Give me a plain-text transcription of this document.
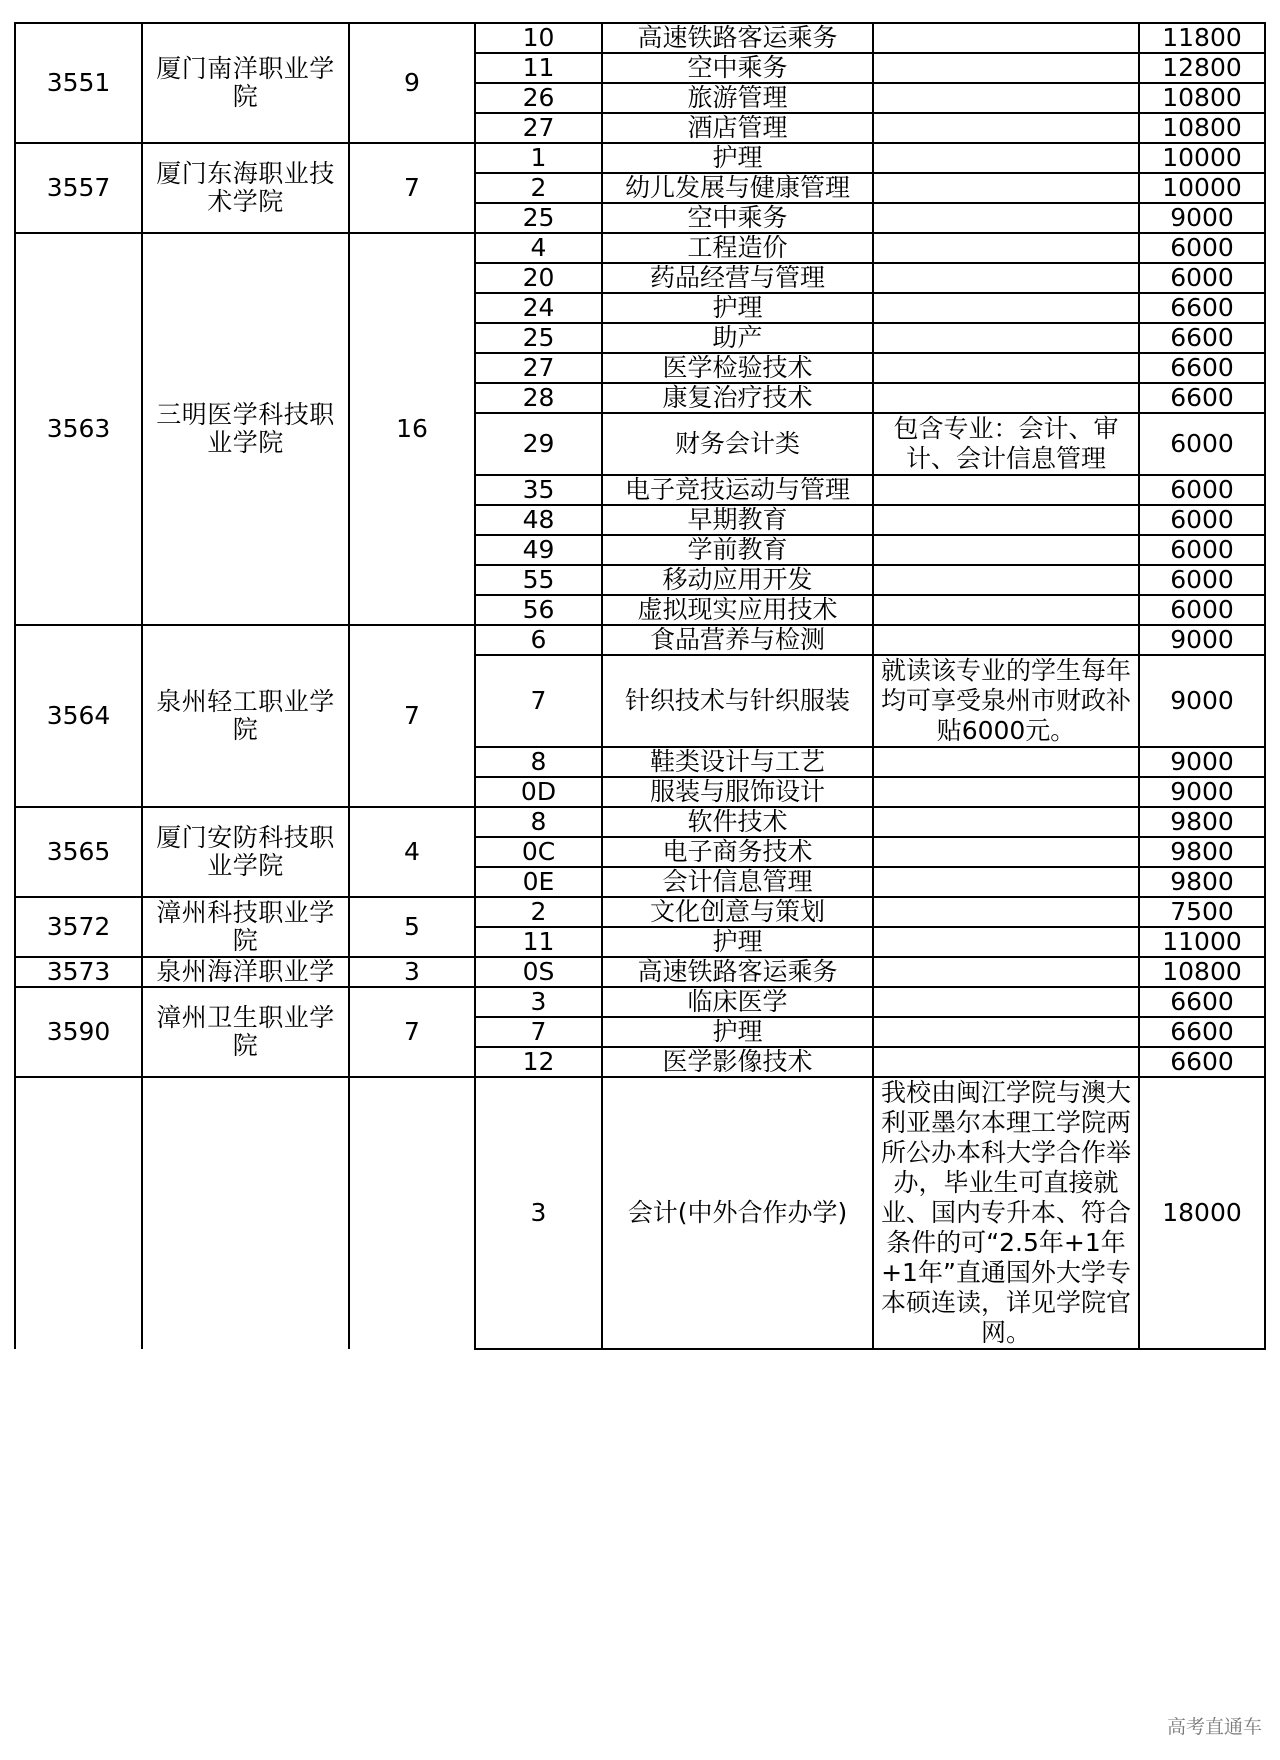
3551	厦门南洋职业学院	9	10	高速铁路客运乘务		11800
			11	空中乘务		12800
			26	旅游管理		10800
			27	酒店管理		10800
3557	厦门东海职业技术学院	7	1	护理		10000
			2	幼儿发展与健康管理		10000
			25	空中乘务		9000
3563	三明医学科技职业学院	16	4	工程造价		6000
			20	药品经营与管理		6000
			24	护理		6600
			25	助产		6600
			27	医学检验技术		6600
			28	康复治疗技术		6600
			29	财务会计类	包含专业：会计、审计、会计信息管理	6000
			35	电子竞技运动与管理		6000
			48	早期教育		6000
			49	学前教育		6000
			55	移动应用开发		6000
			56	虚拟现实应用技术		6000
3564	泉州轻工职业学院	7	6	食品营养与检测		9000
			7	针织技术与针织服装	就读该专业的学生每年均可享受泉州市财政补贴6000元。	9000
			8	鞋类设计与工艺		9000
			0D	服装与服饰设计		9000
3565	厦门安防科技职业学院	4	8	软件技术		9800
			0C	电子商务技术		9800
			0E	会计信息管理		9800
3572	漳州科技职业学院	5	2	文化创意与策划		7500
			11	护理		11000
3573	泉州海洋职业学	3	0S	高速铁路客运乘务		10800
3590	漳州卫生职业学院	7	3	临床医学		6600
			7	护理		6600
			12	医学影像技术		6600
			3	会计(中外合作办学)	我校由闽江学院与澳大利亚墨尔本理工学院两所公办本科大学合作举办，毕业生可直接就业、国内专升本、符合条件的可“2.5年+1年+1年”直通国外大学专本硕连读，详见学院官网。	18000
高考直通车
